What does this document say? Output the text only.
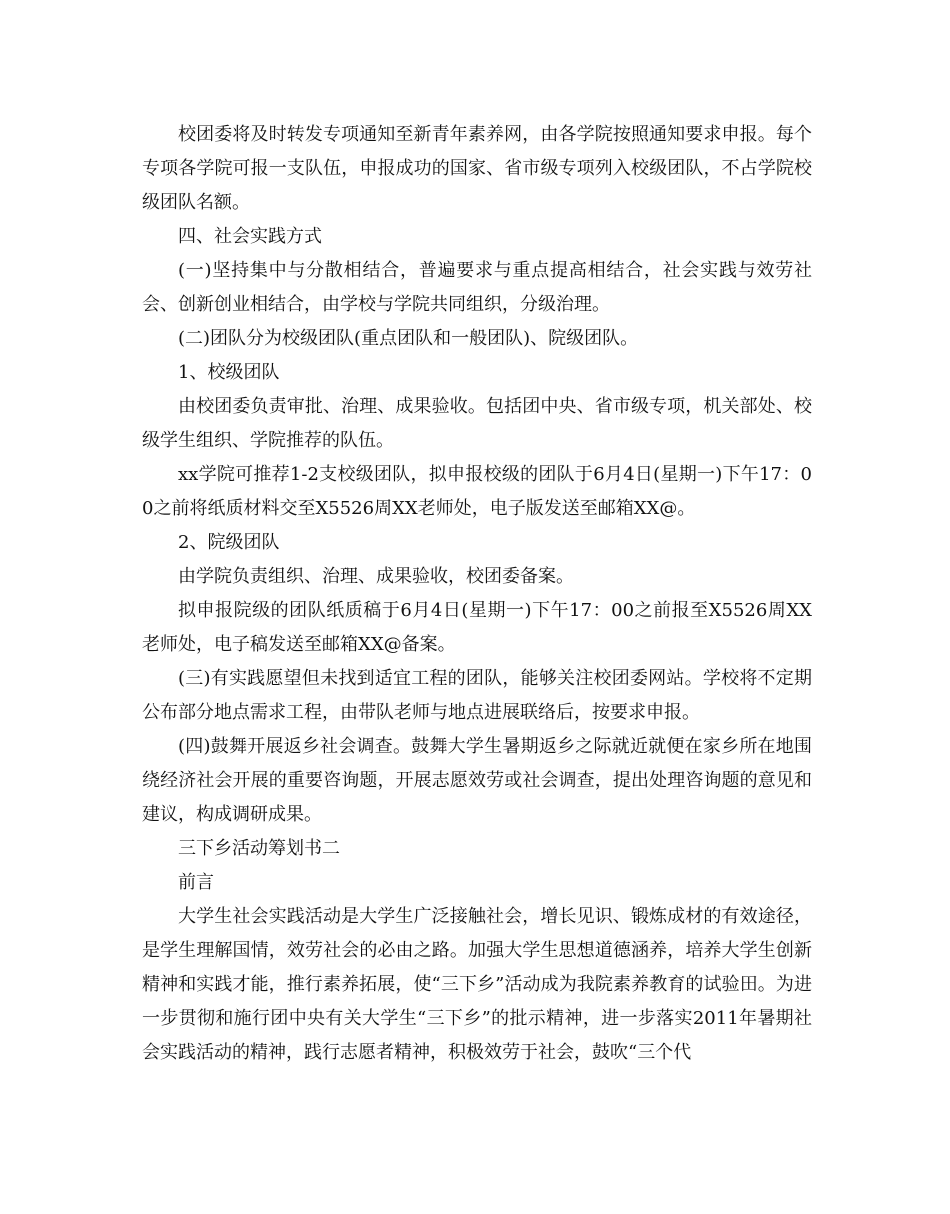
校团委将及时转发专项通知至新青年素养网，由各学院按照通知要求申报。每个专项各学院可报一支队伍，申报成功的国家、省市级专项列入校级团队，不占学院校级团队名额。

四、社会实践方式

(一)坚持集中与分散相结合，普遍要求与重点提高相结合，社会实践与效劳社会、创新创业相结合，由学校与学院共同组织，分级治理。

(二)团队分为校级团队(重点团队和一般团队)、院级团队。

1、校级团队

由校团委负责审批、治理、成果验收。包括团中央、省市级专项，机关部处、校级学生组织、学院推荐的队伍。

xx学院可推荐1-2支校级团队，拟申报校级的团队于6月4日(星期一)下午17：00之前将纸质材料交至X5526周XX老师处，电子版发送至邮箱XX@。

2、院级团队

由学院负责组织、治理、成果验收，校团委备案。

拟申报院级的团队纸质稿于6月4日(星期一)下午17：00之前报至X5526周XX老师处，电子稿发送至邮箱XX@备案。

(三)有实践愿望但未找到适宜工程的团队，能够关注校团委网站。学校将不定期公布部分地点需求工程，由带队老师与地点进展联络后，按要求申报。

(四)鼓舞开展返乡社会调查。鼓舞大学生暑期返乡之际就近就便在家乡所在地围绕经济社会开展的重要咨询题，开展志愿效劳或社会调查，提出处理咨询题的意见和建议，构成调研成果。

三下乡活动筹划书二

前言

大学生社会实践活动是大学生广泛接触社会，增长见识、锻炼成材的有效途径，是学生理解国情，效劳社会的必由之路。加强大学生思想道德涵养，培养大学生创新精神和实践才能，推行素养拓展，使“三下乡”活动成为我院素养教育的试验田。为进一步贯彻和施行团中央有关大学生“三下乡”的批示精神，进一步落实2011年暑期社会实践活动的精神，践行志愿者精神，积极效劳于社会，鼓吹“三个代
